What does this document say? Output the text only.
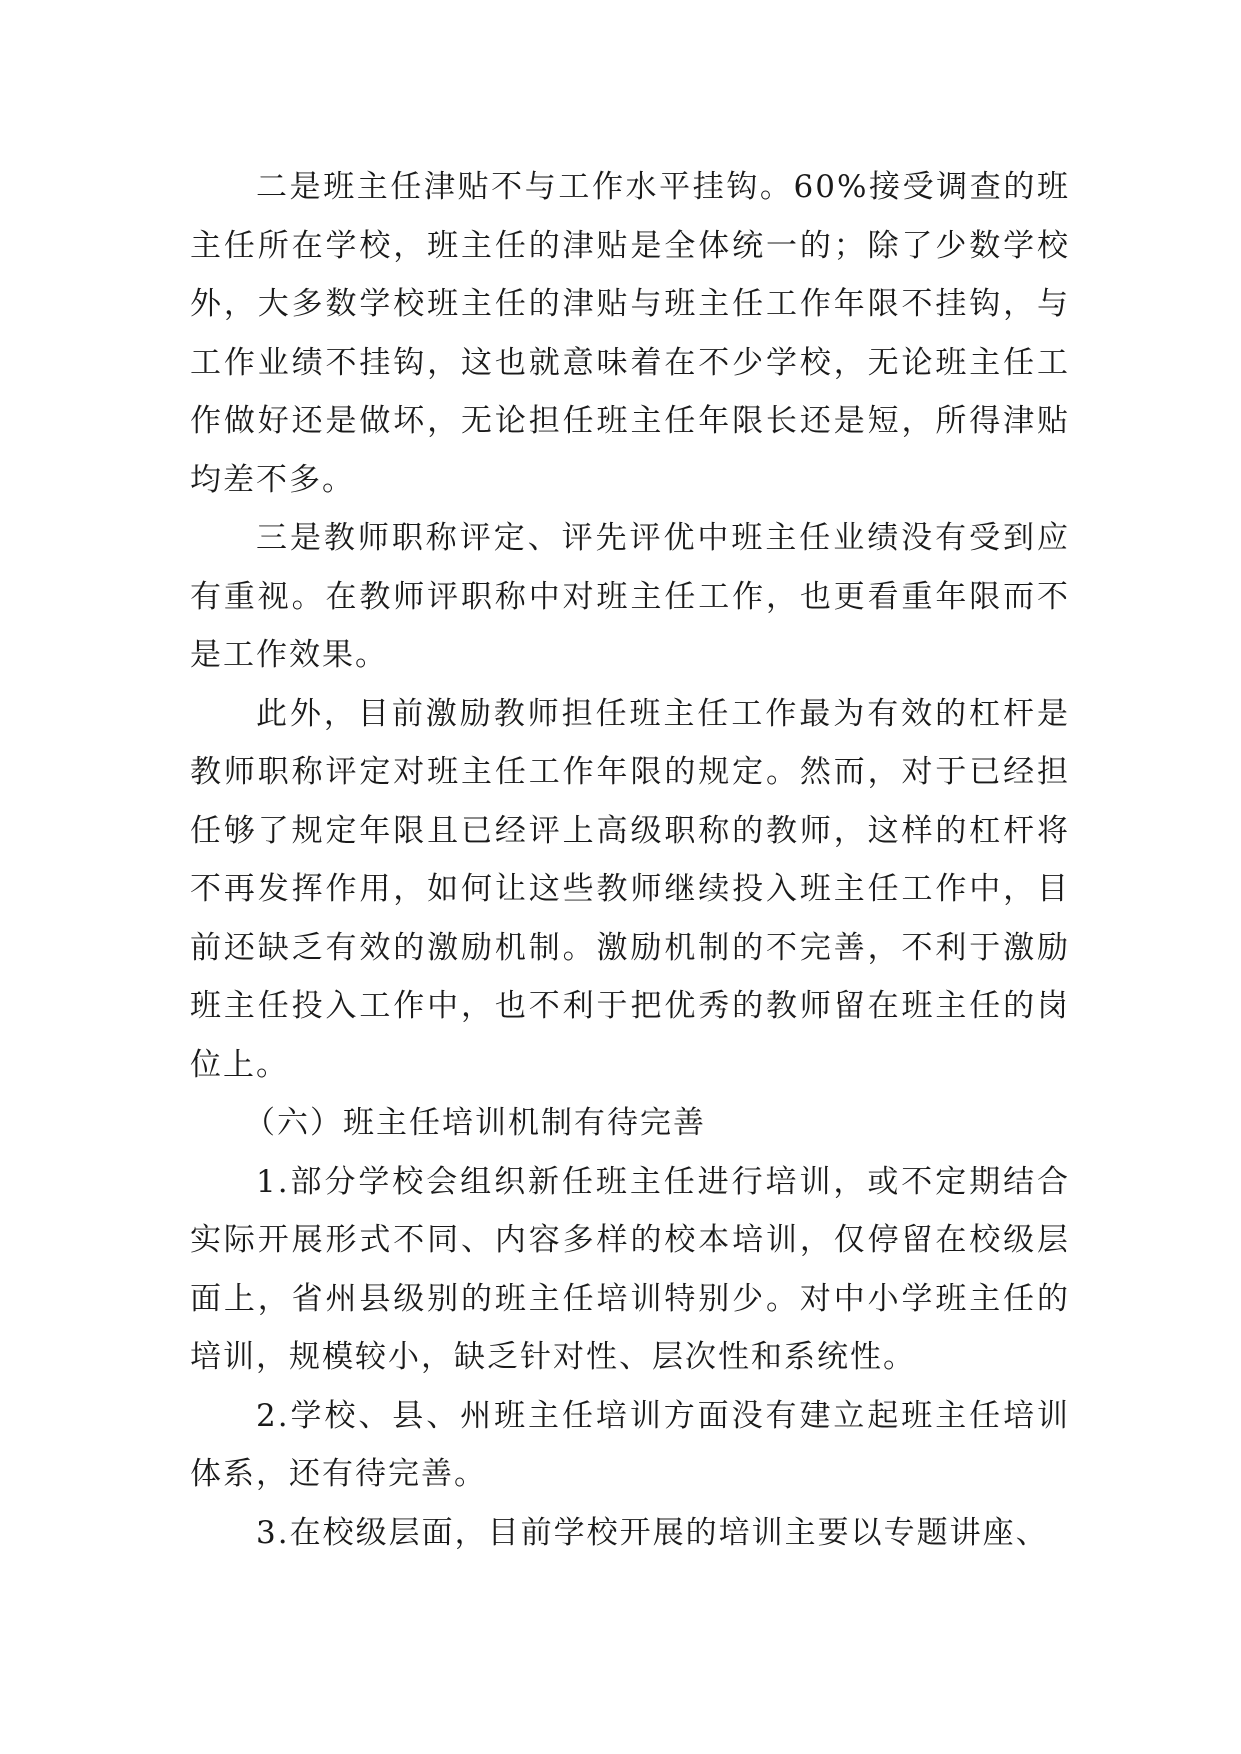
二是班主任津贴不与工作水平挂钩。60%接受调查的班主任所在学校，班主任的津贴是全体统一的；除了少数学校外，大多数学校班主任的津贴与班主任工作年限不挂钩，与工作业绩不挂钩，这也就意味着在不少学校，无论班主任工作做好还是做坏，无论担任班主任年限长还是短，所得津贴均差不多。

三是教师职称评定、评先评优中班主任业绩没有受到应有重视。在教师评职称中对班主任工作，也更看重年限而不是工作效果。

此外，目前激励教师担任班主任工作最为有效的杠杆是教师职称评定对班主任工作年限的规定。然而，对于已经担任够了规定年限且已经评上高级职称的教师，这样的杠杆将不再发挥作用，如何让这些教师继续投入班主任工作中，目前还缺乏有效的激励机制。激励机制的不完善，不利于激励班主任投入工作中，也不利于把优秀的教师留在班主任的岗位上。

（六）班主任培训机制有待完善

1.部分学校会组织新任班主任进行培训，或不定期结合实际开展形式不同、内容多样的校本培训，仅停留在校级层面上，省州县级别的班主任培训特别少。对中小学班主任的培训，规模较小，缺乏针对性、层次性和系统性。

2.学校、县、州班主任培训方面没有建立起班主任培训体系，还有待完善。

3.在校级层面，目前学校开展的培训主要以专题讲座、
